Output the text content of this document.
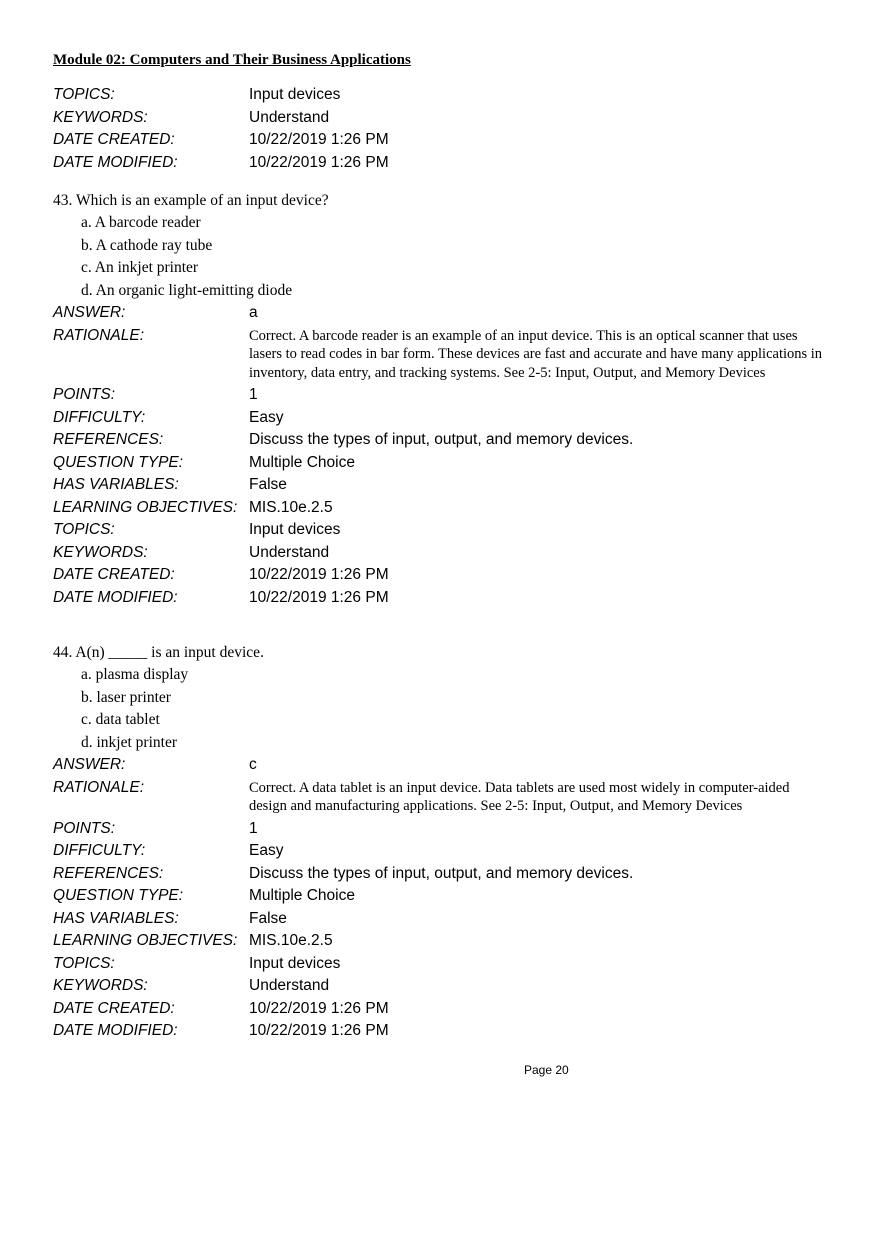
Module 02: Computers and Their Business Applications
TOPICS:	Input devices
KEYWORDS:	Understand
DATE CREATED:	10/22/2019 1:26 PM
DATE MODIFIED:	10/22/2019 1:26 PM
43. Which is an example of an input device?
a. A barcode reader
b. A cathode ray tube
c. An inkjet printer
d. An organic light-emitting diode
ANSWER:	a
RATIONALE:	Correct. A barcode reader is an example of an input device. This is an optical scanner that uses lasers to read codes in bar form. These devices are fast and accurate and have many applications in inventory, data entry, and tracking systems. See 2-5: Input, Output, and Memory Devices
POINTS:	1
DIFFICULTY:	Easy
REFERENCES:	Discuss the types of input, output, and memory devices.
QUESTION TYPE:	Multiple Choice
HAS VARIABLES:	False
LEARNING OBJECTIVES: MIS.10e.2.5
TOPICS:	Input devices
KEYWORDS:	Understand
DATE CREATED:	10/22/2019 1:26 PM
DATE MODIFIED:	10/22/2019 1:26 PM
44. A(n) _____ is an input device.
a. plasma display
b. laser printer
c. data tablet
d. inkjet printer
ANSWER:	c
RATIONALE:	Correct. A data tablet is an input device. Data tablets are used most widely in computer-aided design and manufacturing applications. See 2-5: Input, Output, and Memory Devices
POINTS:	1
DIFFICULTY:	Easy
REFERENCES:	Discuss the types of input, output, and memory devices.
QUESTION TYPE:	Multiple Choice
HAS VARIABLES:	False
LEARNING OBJECTIVES: MIS.10e.2.5
TOPICS:	Input devices
KEYWORDS:	Understand
DATE CREATED:	10/22/2019 1:26 PM
DATE MODIFIED:	10/22/2019 1:26 PM
Page 20
